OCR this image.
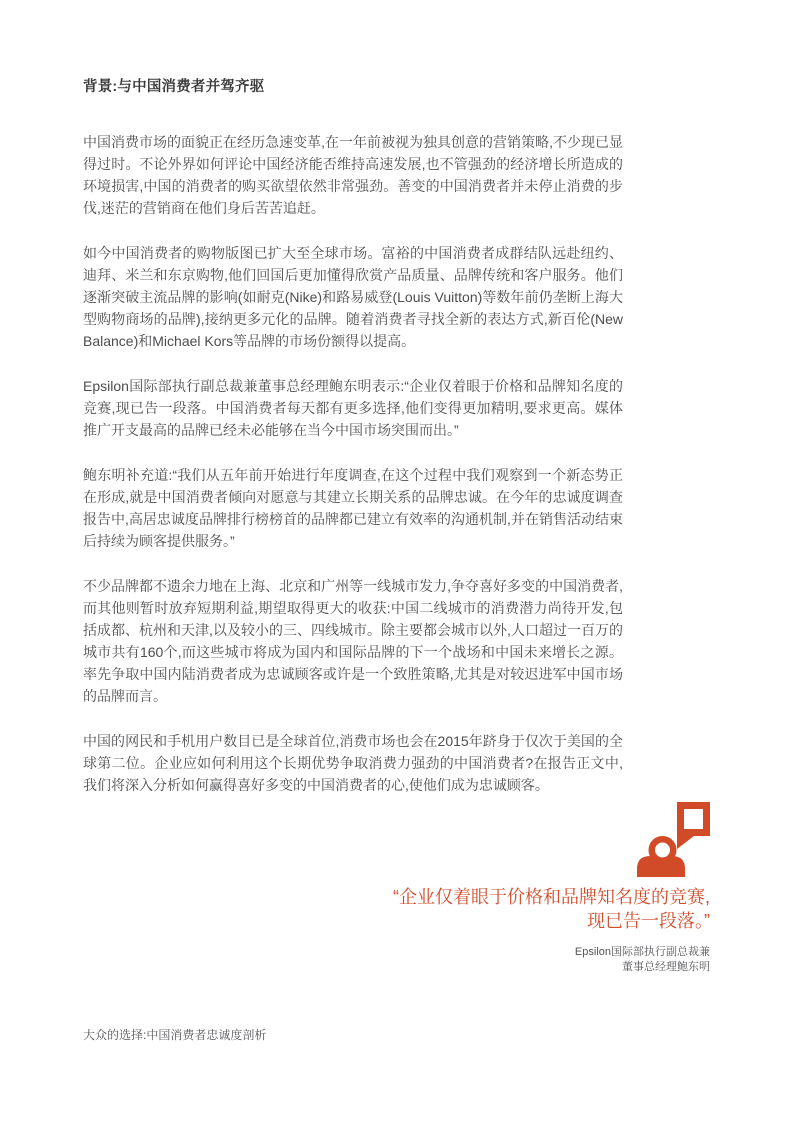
背景:与中国消费者并驾齐驱

中国消费市场的面貌正在经历急速变革,在一年前被视为独具创意的营销策略,不少现已显得过时。不论外界如何评论中国经济能否维持高速发展,也不管强劲的经济增长所造成的环境损害,中国的消费者的购买欲望依然非常强劲。善变的中国消费者并未停止消费的步伐,迷茫的营销商在他们身后苦苦追赶。

如今中国消费者的购物版图已扩大至全球市场。富裕的中国消费者成群结队远赴纽约、迪拜、米兰和东京购物,他们回国后更加懂得欣赏产品质量、品牌传统和客户服务。他们逐渐突破主流品牌的影响(如耐克(Nike)和路易威登(Louis Vuitton)等数年前仍垄断上海大型购物商场的品牌),接纳更多元化的品牌。随着消费者寻找全新的表达方式,新百伦(New Balance)和Michael Kors等品牌的市场份额得以提高。

Epsilon国际部执行副总裁兼董事总经理鲍东明表示:“企业仅着眼于价格和品牌知名度的竞赛,现已告一段落。中国消费者每天都有更多选择,他们变得更加精明,要求更高。媒体推广开支最高的品牌已经未必能够在当今中国市场突围而出。”

鲍东明补充道:“我们从五年前开始进行年度调查,在这个过程中我们观察到一个新态势正在形成,就是中国消费者倾向对愿意与其建立长期关系的品牌忠诚。在今年的忠诚度调查报告中,高居忠诚度品牌排行榜榜首的品牌都已建立有效率的沟通机制,并在销售活动结束后持续为顾客提供服务。”

不少品牌都不遗余力地在上海、北京和广州等一线城市发力,争夺喜好多变的中国消费者,而其他则暂时放弃短期利益,期望取得更大的收获:中国二线城市的消费潜力尚待开发,包括成都、杭州和天津,以及较小的三、四线城市。除主要都会城市以外,人口超过一百万的城市共有160个,而这些城市将成为国内和国际品牌的下一个战场和中国未来增长之源。率先争取中国内陆消费者成为忠诚顾客或许是一个致胜策略,尤其是对较迟进军中国市场的品牌而言。

中国的网民和手机用户数目已是全球首位,消费市场也会在2015年跻身于仅次于美国的全球第二位。企业应如何利用这个长期优势争取消费力强劲的中国消费者?在报告正文中,我们将深入分析如何赢得喜好多变的中国消费者的心,使他们成为忠诚顾客。

“企业仅着眼于价格和品牌知名度的竞赛,
现已告一段落。”
Epsilon国际部执行副总裁兼
董事总经理鲍东明
大众的选择:中国消费者忠诚度剖析
